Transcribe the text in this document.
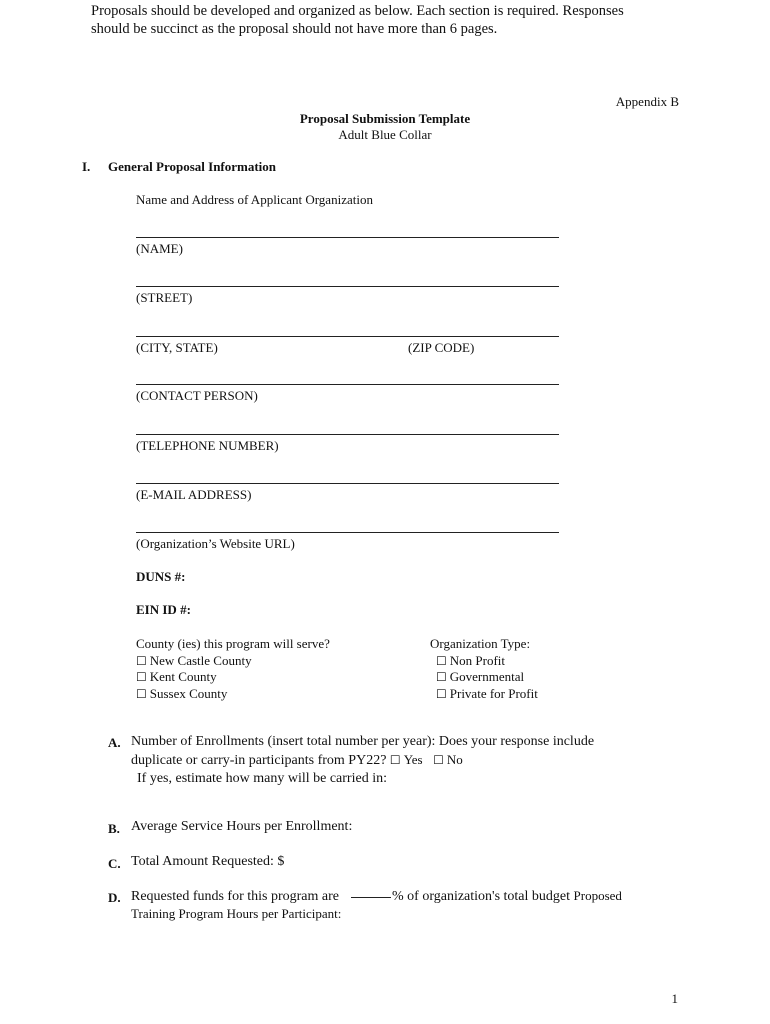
Proposals should be developed and organized as below. Each section is required. Responses
should be succinct as the proposal should not have more than 6 pages.
Appendix B
Proposal Submission Template
Adult Blue Collar
I. General Proposal Information
Name and Address of Applicant Organization
(NAME)
(STREET)
(CITY, STATE)	(ZIP CODE)
(CONTACT PERSON)
(TELEPHONE NUMBER)
(E-MAIL ADDRESS)
(Organization’s Website URL)
DUNS #:
EIN ID #:
County (ies) this program will serve?
☐ New Castle County
☐ Kent County
☐ Sussex County
Organization Type:
☐ Non Profit
☐ Governmental
☐ Private for Profit
A. Number of Enrollments (insert total number per year): Does your response include
duplicate or carry-in participants from PY22? ☐ Yes ☐ No
If yes, estimate how many will be carried in:
B. Average Service Hours per Enrollment:
C. Total Amount Requested: $
D. Requested funds for this program are	% of organization's total budget Proposed
Training Program Hours per Participant:
1
